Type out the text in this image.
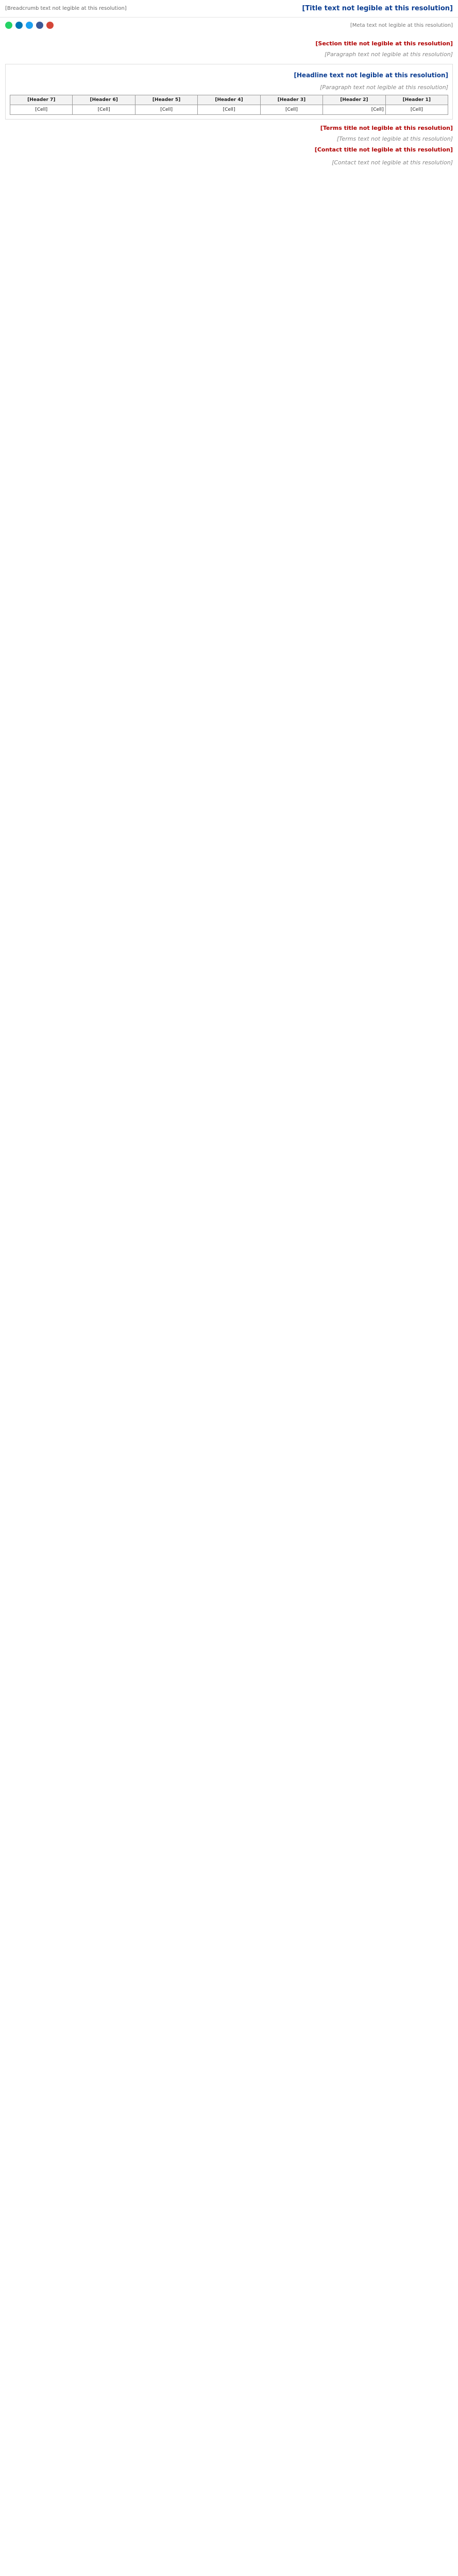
[Title text not legible at this resolution]
[Breadcrumb text not legible at this resolution]
[Meta text not legible at this resolution]
[Section title not legible at this resolution]
[Paragraph text not legible at this resolution]
[Headline text not legible at this resolution]
[Paragraph text not legible at this resolution]
[Header 1]	[Header 2]	[Header 3]	[Header 4]	[Header 5]	[Header 6]	[Header 7]
[Cell]	[Cell]	[Cell]	[Cell]	[Cell]	[Cell]	[Cell]
[Terms title not legible at this resolution]
[Terms text not legible at this resolution]
[Contact title not legible at this resolution]
[Contact text not legible at this resolution]
